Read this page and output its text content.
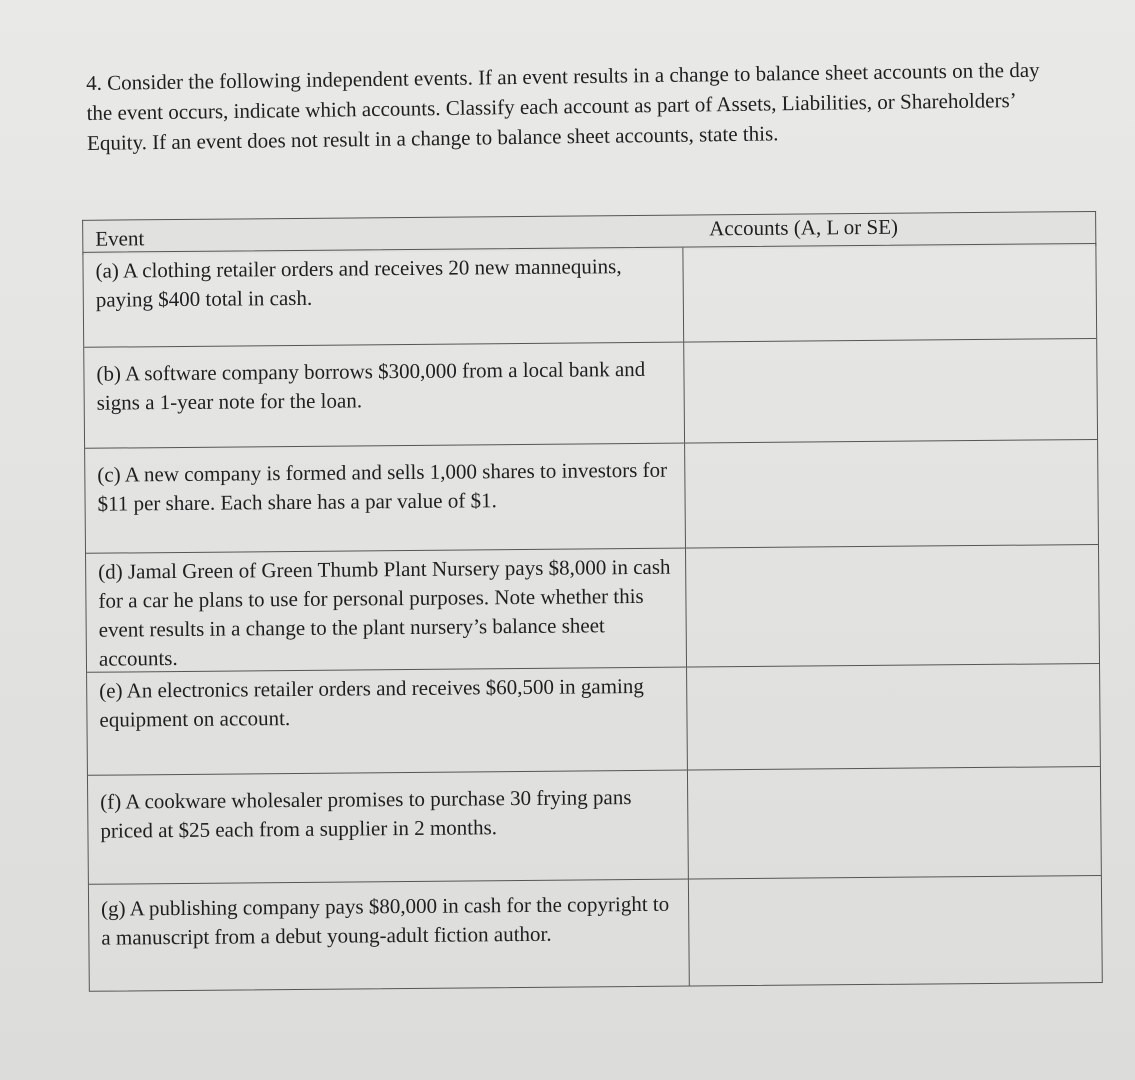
4. Consider the following independent events. If an event results in a change to balance sheet accounts on the day the event occurs, indicate which accounts. Classify each account as part of Assets, Liabilities, or Shareholders’ Equity. If an event does not result in a change to balance sheet accounts, state this.

Event	Accounts (A, L or SE)
(a) A clothing retailer orders and receives 20 new mannequins, paying $400 total in cash.
(b) A software company borrows $300,000 from a local bank and signs a 1-year note for the loan.
(c) A new company is formed and sells 1,000 shares to investors for $11 per share. Each share has a par value of $1.
(d) Jamal Green of Green Thumb Plant Nursery pays $8,000 in cash for a car he plans to use for personal purposes. Note whether this event results in a change to the plant nursery’s balance sheet accounts.
(e) An electronics retailer orders and receives $60,500 in gaming equipment on account.
(f) A cookware wholesaler promises to purchase 30 frying pans priced at $25 each from a supplier in 2 months.
(g) A publishing company pays $80,000 in cash for the copyright to a manuscript from a debut young-adult fiction author.
